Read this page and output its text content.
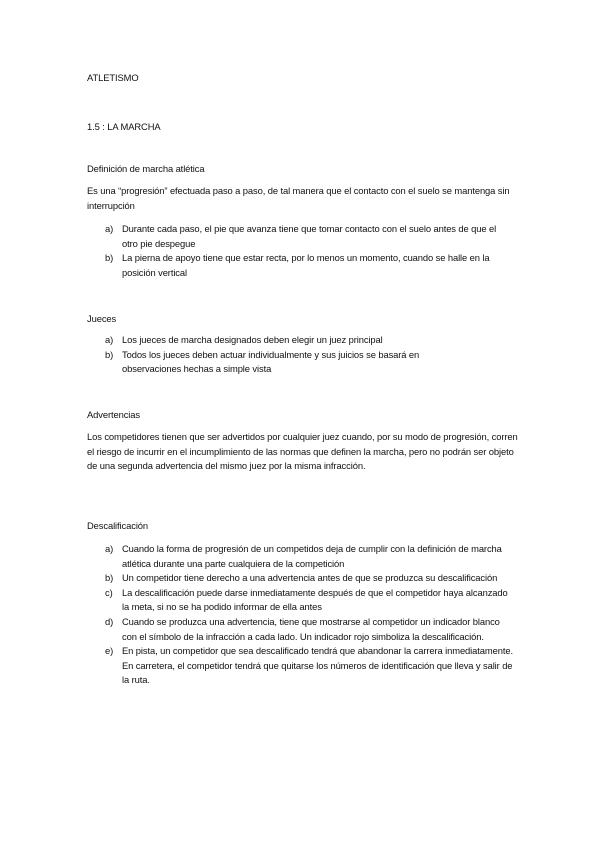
ATLETISMO
1.5 : LA MARCHA
Definición de marcha atlética
Es una “progresión” efectuada paso a paso, de tal manera que el contacto con el suelo se mantenga sin interrupción
a) Durante cada paso, el pie que avanza tiene que tomar contacto con el suelo antes de que el otro pie despegue
b) La pierna de apoyo tiene que estar recta, por lo menos un momento, cuando se halle en la posición vertical
Jueces
a) Los jueces de marcha designados deben elegir un juez principal
b) Todos los jueces deben actuar individualmente y sus juicios se basará en observaciones hechas a simple vista
Advertencias
Los competidores tienen que ser advertidos por cualquier juez cuando, por su modo de progresión, corren el riesgo de incurrir en el incumplimiento de las normas que definen la marcha, pero no podrán ser objeto de una segunda advertencia del mismo juez por la misma infracción.
Descalificación
a) Cuando la forma de progresión de un competidos deja de cumplir con la definición de marcha atlética durante una parte cualquiera de la competición
b) Un competidor tiene derecho a una advertencia antes de que se produzca su descalificación
c) La descalificación puede darse inmediatamente después de que el competidor haya alcanzado la meta, si no se ha podido informar de ella antes
d) Cuando se produzca una advertencia, tiene que mostrarse al competidor un indicador blanco con el símbolo de la infracción a cada lado. Un indicador rojo simboliza la descalificación.
e) En pista, un competidor que sea descalificado tendrá que abandonar la carrera inmediatamente. En carretera, el competidor tendrá que quitarse los números de identificación que lleva y salir de la ruta.
